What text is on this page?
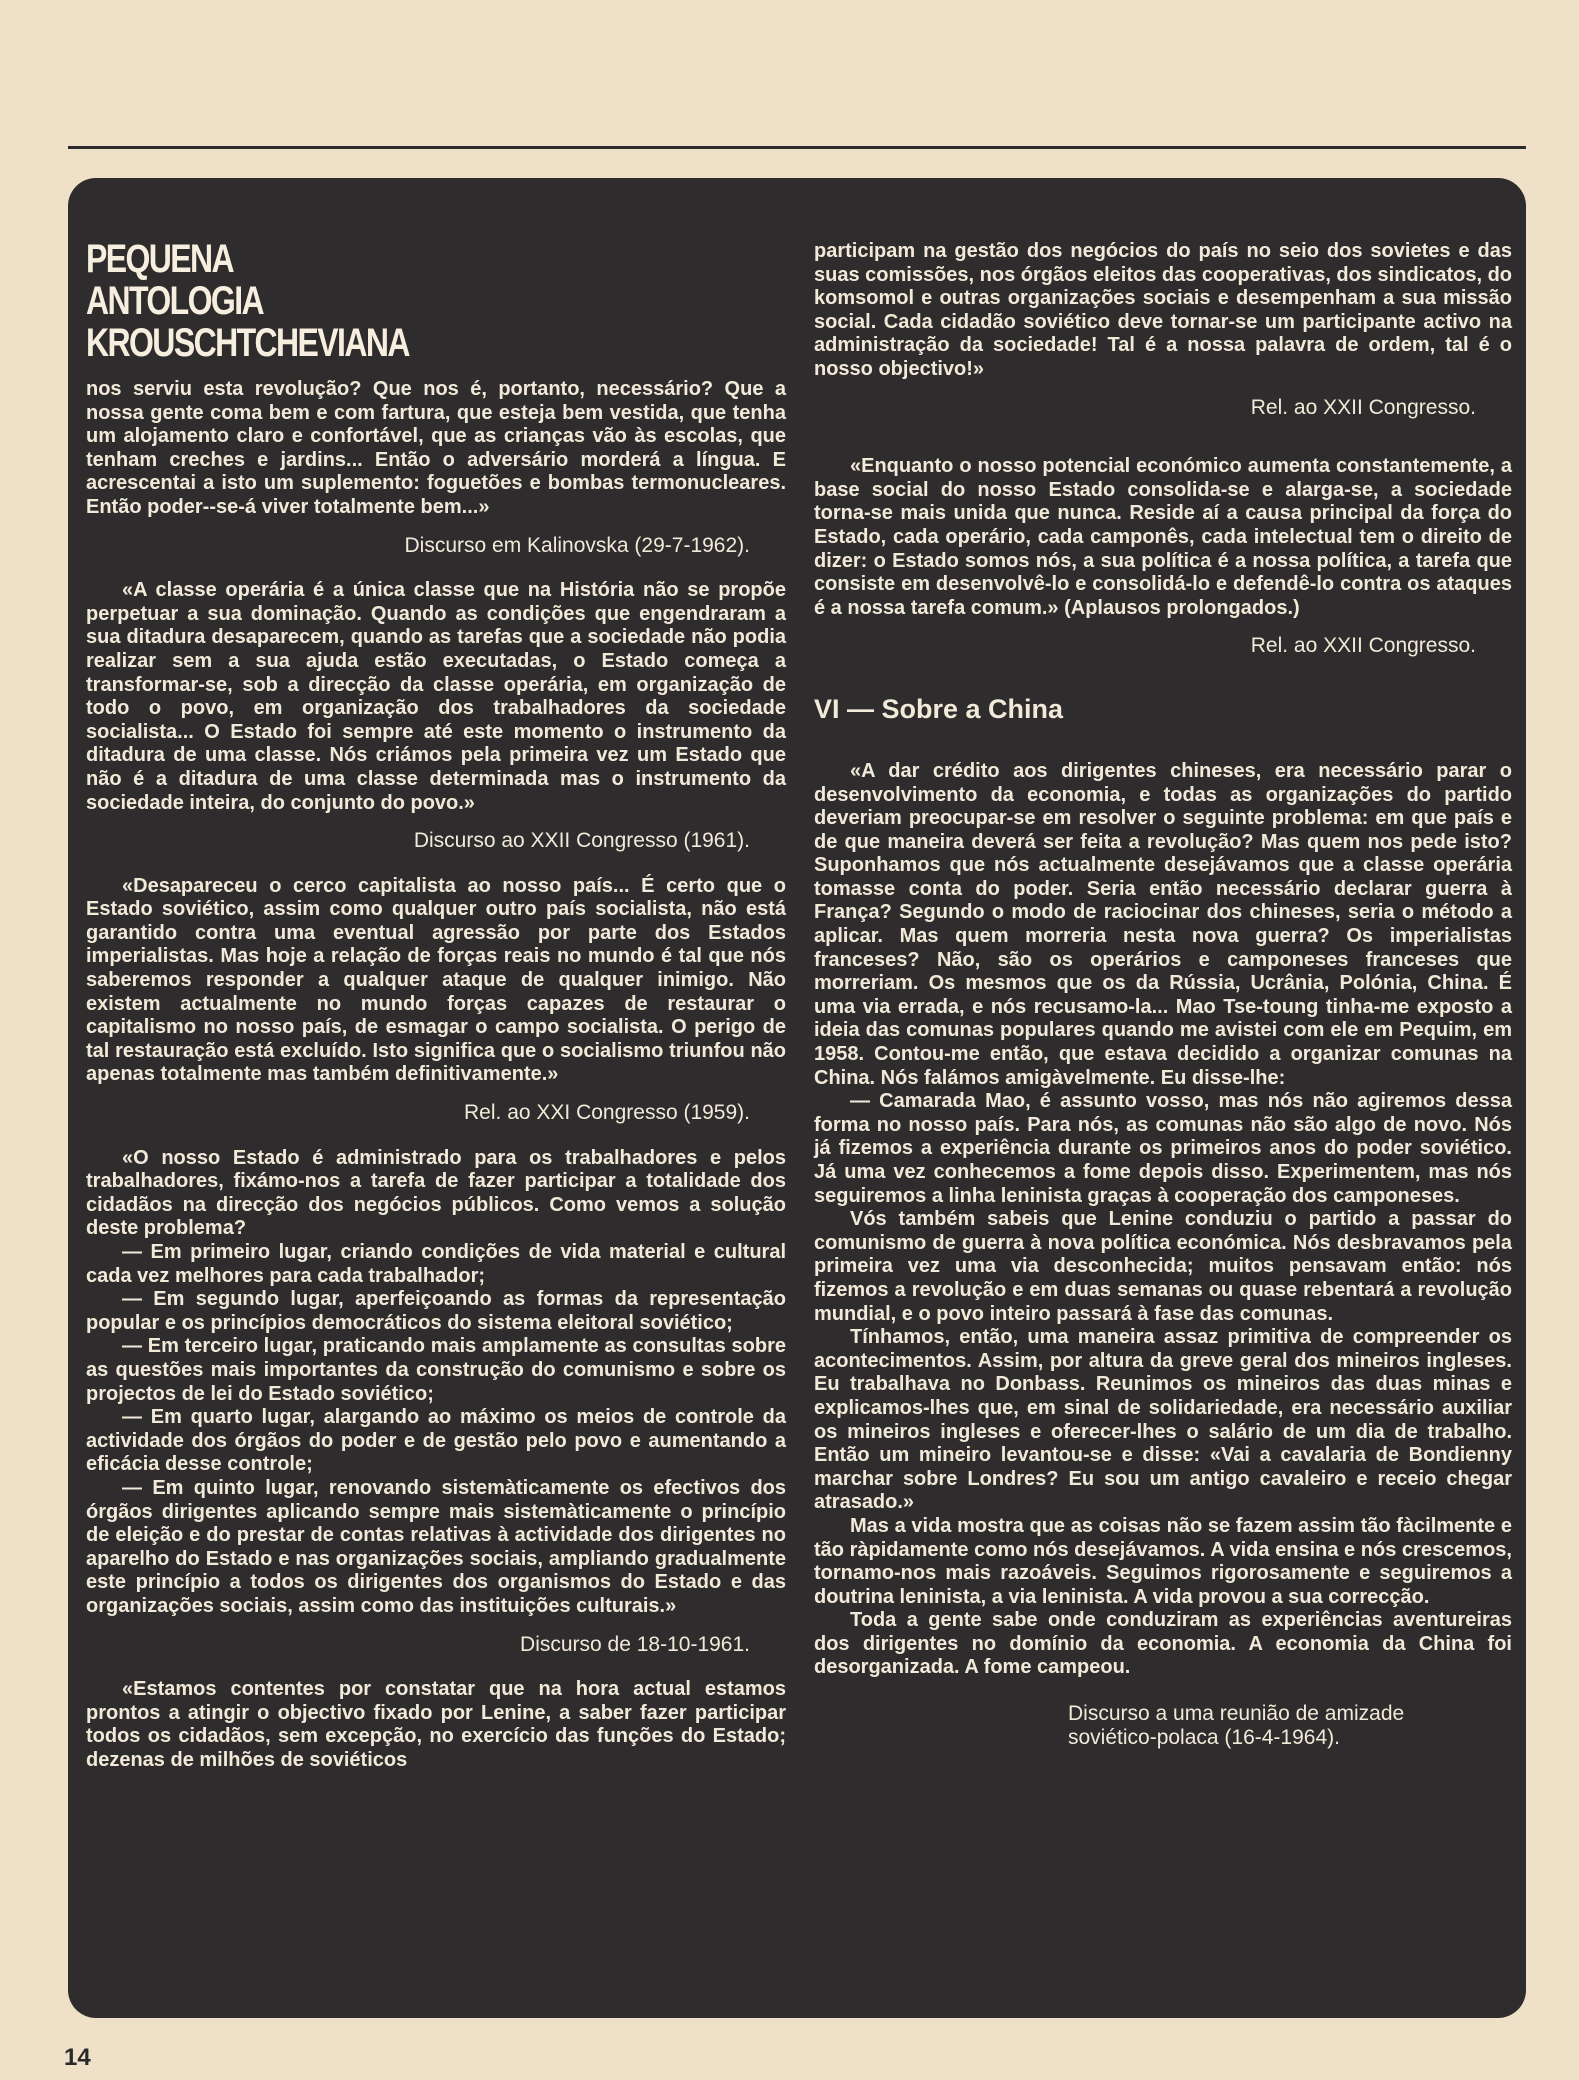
PEQUENA
ANTOLOGIA
KROUSCHTCHEVIANA

nos serviu esta revolução? Que nos é, portanto, necessário? Que a nossa gente coma bem e com fartura, que esteja bem vestida, que tenha um alojamento claro e confortável, que as crianças vão às escolas, que tenham creches e jardins... Então o adversário morderá a língua. E acrescentai a isto um suplemento: foguetões e bombas termonucleares. Então poder--se-á viver totalmente bem...»

Discurso em Kalinovska (29-7-1962).

«A classe operária é a única classe que na História não se propõe perpetuar a sua dominação. Quando as condições que engendraram a sua ditadura desaparecem, quando as tarefas que a sociedade não podia realizar sem a sua ajuda estão executadas, o Estado começa a transformar-se, sob a direcção da classe operária, em organização de todo o povo, em organização dos trabalhadores da sociedade socialista... O Estado foi sempre até este momento o instrumento da ditadura de uma classe. Nós criámos pela primeira vez um Estado que não é a ditadura de uma classe determinada mas o instrumento da sociedade inteira, do conjunto do povo.»

Discurso ao XXII Congresso (1961).

«Desapareceu o cerco capitalista ao nosso país... É certo que o Estado soviético, assim como qualquer outro país socialista, não está garantido contra uma eventual agressão por parte dos Estados imperialistas. Mas hoje a relação de forças reais no mundo é tal que nós saberemos responder a qualquer ataque de qualquer inimigo. Não existem actualmente no mundo forças capazes de restaurar o capitalismo no nosso país, de esmagar o campo socialista. O perigo de tal restauração está excluído. Isto significa que o socialismo triunfou não apenas totalmente mas também definitivamente.»

Rel. ao XXI Congresso (1959).

«O nosso Estado é administrado para os trabalhadores e pelos trabalhadores, fixámo-nos a tarefa de fazer participar a totalidade dos cidadãos na direcção dos negócios públicos. Como vemos a solução deste problema?

— Em primeiro lugar, criando condições de vida material e cultural cada vez melhores para cada trabalhador;

— Em segundo lugar, aperfeiçoando as formas da representação popular e os princípios democráticos do sistema eleitoral soviético;

— Em terceiro lugar, praticando mais amplamente as consultas sobre as questões mais importantes da construção do comunismo e sobre os projectos de lei do Estado soviético;

— Em quarto lugar, alargando ao máximo os meios de controle da actividade dos órgãos do poder e de gestão pelo povo e aumentando a eficácia desse controle;

— Em quinto lugar, renovando sistemàticamente os efectivos dos órgãos dirigentes aplicando sempre mais sistemàticamente o princípio de eleição e do prestar de contas relativas à actividade dos dirigentes no aparelho do Estado e nas organizações sociais, ampliando gradualmente este princípio a todos os dirigentes dos organismos do Estado e das organizações sociais, assim como das instituições culturais.»

Discurso de 18-10-1961.

«Estamos contentes por constatar que na hora actual estamos prontos a atingir o objectivo fixado por Lenine, a saber fazer participar todos os cidadãos, sem excepção, no exercício das funções do Estado; dezenas de milhões de soviéticos

participam na gestão dos negócios do país no seio dos sovietes e das suas comissões, nos órgãos eleitos das cooperativas, dos sindicatos, do komsomol e outras organizações sociais e desempenham a sua missão social. Cada cidadão soviético deve tornar-se um participante activo na administração da sociedade! Tal é a nossa palavra de ordem, tal é o nosso objectivo!»

Rel. ao XXII Congresso.

«Enquanto o nosso potencial económico aumenta constantemente, a base social do nosso Estado consolida-se e alarga-se, a sociedade torna-se mais unida que nunca. Reside aí a causa principal da força do Estado, cada operário, cada camponês, cada intelectual tem o direito de dizer: o Estado somos nós, a sua política é a nossa política, a tarefa que consiste em desenvolvê-lo e consolidá-lo e defendê-lo contra os ataques é a nossa tarefa comum.» (Aplausos prolongados.)

Rel. ao XXII Congresso.

VI — Sobre a China

«A dar crédito aos dirigentes chineses, era necessário parar o desenvolvimento da economia, e todas as organizações do partido deveriam preocupar-se em resolver o seguinte problema: em que país e de que maneira deverá ser feita a revolução? Mas quem nos pede isto? Suponhamos que nós actualmente desejávamos que a classe operária tomasse conta do poder. Seria então necessário declarar guerra à França? Segundo o modo de raciocinar dos chineses, seria o método a aplicar. Mas quem morreria nesta nova guerra? Os imperialistas franceses? Não, são os operários e camponeses franceses que morreriam. Os mesmos que os da Rússia, Ucrânia, Polónia, China. É uma via errada, e nós recusamo-la... Mao Tse-toung tinha-me exposto a ideia das comunas populares quando me avistei com ele em Pequim, em 1958. Contou-me então, que estava decidido a organizar comunas na China. Nós falámos amigàvelmente. Eu disse-lhe:

— Camarada Mao, é assunto vosso, mas nós não agiremos dessa forma no nosso país. Para nós, as comunas não são algo de novo. Nós já fizemos a experiência durante os primeiros anos do poder soviético. Já uma vez conhecemos a fome depois disso. Experimentem, mas nós seguiremos a linha leninista graças à cooperação dos camponeses.

Vós também sabeis que Lenine conduziu o partido a passar do comunismo de guerra à nova política económica. Nós desbravamos pela primeira vez uma via desconhecida; muitos pensavam então: nós fizemos a revolução e em duas semanas ou quase rebentará a revolução mundial, e o povo inteiro passará à fase das comunas.

Tínhamos, então, uma maneira assaz primitiva de compreender os acontecimentos. Assim, por altura da greve geral dos mineiros ingleses. Eu trabalhava no Donbass. Reunimos os mineiros das duas minas e explicamos-lhes que, em sinal de solidariedade, era necessário auxiliar os mineiros ingleses e oferecer-lhes o salário de um dia de trabalho. Então um mineiro levantou-se e disse: «Vai a cavalaria de Bondienny marchar sobre Londres? Eu sou um antigo cavaleiro e receio chegar atrasado.»

Mas a vida mostra que as coisas não se fazem assim tão fàcilmente e tão ràpidamente como nós desejávamos. A vida ensina e nós crescemos, tornamo-nos mais razoáveis. Seguimos rigorosamente e seguiremos a doutrina leninista, a via leninista. A vida provou a sua correcção.

Toda a gente sabe onde conduziram as experiências aventureiras dos dirigentes no domínio da economia. A economia da China foi desorganizada. A fome campeou.

Discurso a uma reunião de amizade

soviético-polaca (16-4-1964).

14
